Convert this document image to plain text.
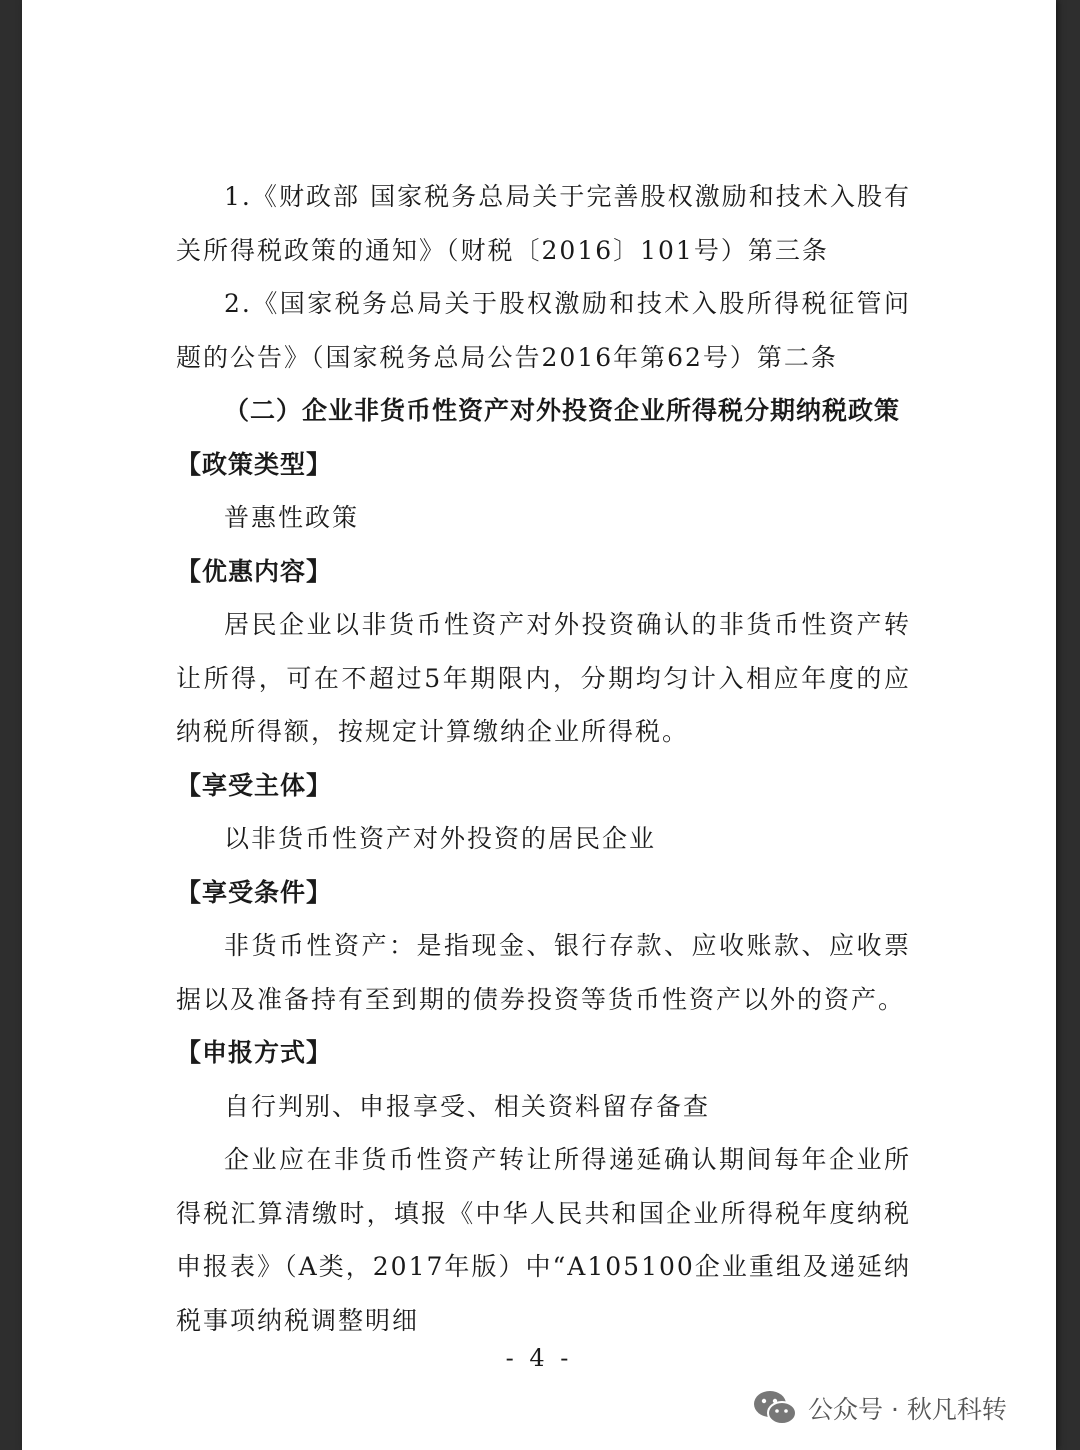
1.《财政部 国家税务总局关于完善股权激励和技术入股有关所得税政策的通知》（财税〔2016〕101号）第三条

2.《国家税务总局关于股权激励和技术入股所得税征管问题的公告》（国家税务总局公告2016年第62号）第二条

（二）企业非货币性资产对外投资企业所得税分期纳税政策

【政策类型】

普惠性政策

【优惠内容】

居民企业以非货币性资产对外投资确认的非货币性资产转让所得，可在不超过5年期限内，分期均匀计入相应年度的应纳税所得额，按规定计算缴纳企业所得税。

【享受主体】

以非货币性资产对外投资的居民企业

【享受条件】

非货币性资产：是指现金、银行存款、应收账款、应收票据以及准备持有至到期的债券投资等货币性资产以外的资产。

【申报方式】

自行判别、申报享受、相关资料留存备查

企业应在非货币性资产转让所得递延确认期间每年企业所得税汇算清缴时，填报《中华人民共和国企业所得税年度纳税申报表》（A类，2017年版）中“A105100企业重组及递延纳税事项纳税调整明细

- 4 -
公众号 · 秋凡科转
